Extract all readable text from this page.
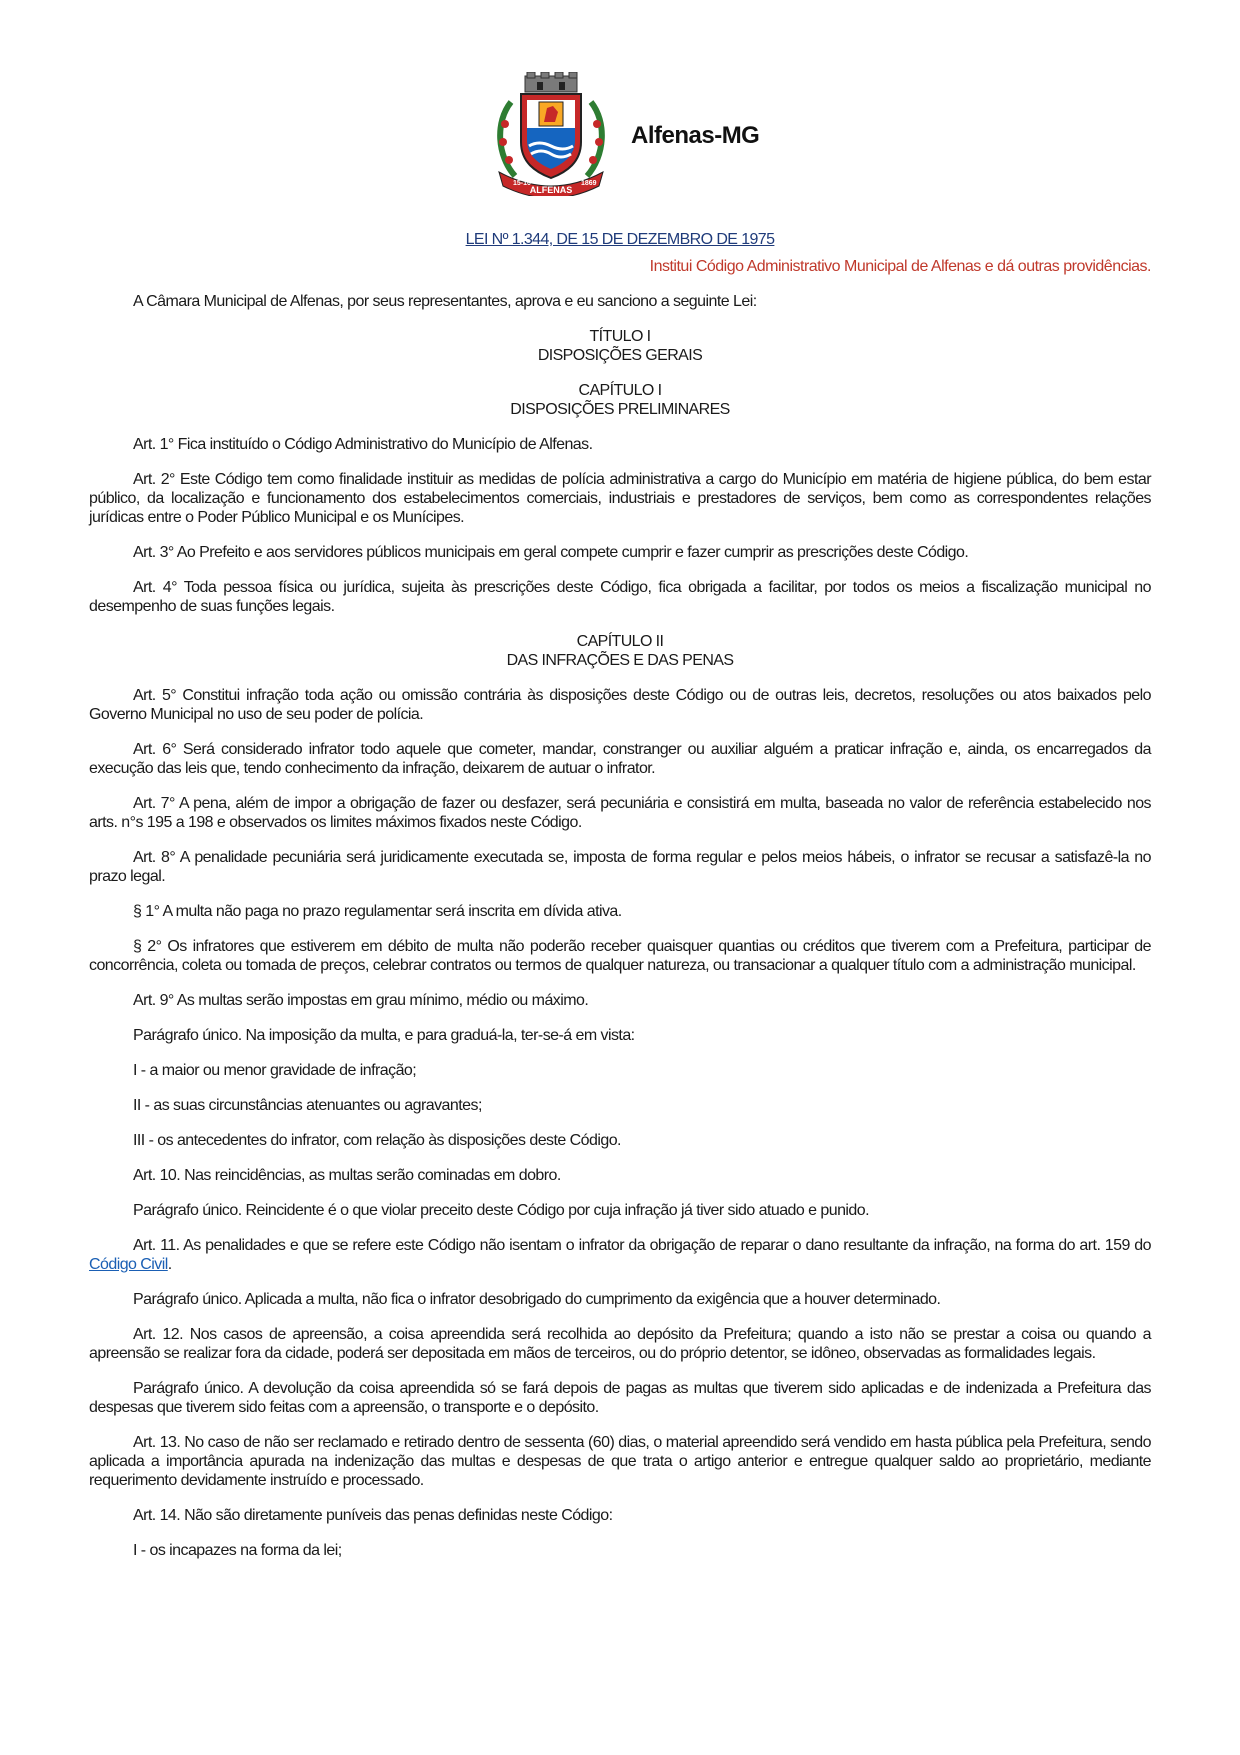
15-10
ALFENAS
1869
Alfenas-MG

LEI Nº 1.344, DE 15 DE DEZEMBRO DE 1975

Institui Código Administrativo Municipal de Alfenas e dá outras providências.

A Câmara Municipal de Alfenas, por seus representantes, aprova e eu sanciono a seguinte Lei:

TÍTULO I
DISPOSIÇÕES GERAIS
CAPÍTULO I
DISPOSIÇÕES PRELIMINARES

Art. 1° Fica instituído o Código Administrativo do Município de Alfenas.

Art. 2° Este Código tem como finalidade instituir as medidas de polícia administrativa a cargo do Município em matéria de higiene pública, do bem estar público, da localização e funcionamento dos estabelecimentos comerciais, industriais e prestadores de serviços, bem como as correspondentes relações jurídicas entre o Poder Público Municipal e os Munícipes.

Art. 3° Ao Prefeito e aos servidores públicos municipais em geral compete cumprir e fazer cumprir as prescrições deste Código.

Art. 4° Toda pessoa física ou jurídica, sujeita às prescrições deste Código, fica obrigada a facilitar, por todos os meios a fiscalização municipal no desempenho de suas funções legais.

CAPÍTULO II
DAS INFRAÇÕES E DAS PENAS

Art. 5° Constitui infração toda ação ou omissão contrária às disposições deste Código ou de outras leis, decretos, resoluções ou atos baixados pelo Governo Municipal no uso de seu poder de polícia.

Art. 6° Será considerado infrator todo aquele que cometer, mandar, constranger ou auxiliar alguém a praticar infração e, ainda, os encarregados da execução das leis que, tendo conhecimento da infração, deixarem de autuar o infrator.

Art. 7° A pena, além de impor a obrigação de fazer ou desfazer, será pecuniária e consistirá em multa, baseada no valor de referência estabelecido nos arts. n°s 195 a 198 e observados os limites máximos fixados neste Código.

Art. 8° A penalidade pecuniária será juridicamente executada se, imposta de forma regular e pelos meios hábeis, o infrator se recusar a satisfazê-la no prazo legal.

§ 1° A multa não paga no prazo regulamentar será inscrita em dívida ativa.

§ 2° Os infratores que estiverem em débito de multa não poderão receber quaisquer quantias ou créditos que tiverem com a Prefeitura, participar de concorrência, coleta ou tomada de preços, celebrar contratos ou termos de qualquer natureza, ou transacionar a qualquer título com a administração municipal.

Art. 9° As multas serão impostas em grau mínimo, médio ou máximo.

Parágrafo único. Na imposição da multa, e para graduá-la, ter-se-á em vista:

I - a maior ou menor gravidade de infração;

II - as suas circunstâncias atenuantes ou agravantes;

III - os antecedentes do infrator, com relação às disposições deste Código.

Art. 10. Nas reincidências, as multas serão cominadas em dobro.

Parágrafo único. Reincidente é o que violar preceito deste Código por cuja infração já tiver sido atuado e punido.

Art. 11. As penalidades e que se refere este Código não isentam o infrator da obrigação de reparar o dano resultante da infração, na forma do art. 159 do Código Civil.

Parágrafo único. Aplicada a multa, não fica o infrator desobrigado do cumprimento da exigência que a houver determinado.

Art. 12. Nos casos de apreensão, a coisa apreendida será recolhida ao depósito da Prefeitura; quando a isto não se prestar a coisa ou quando a apreensão se realizar fora da cidade, poderá ser depositada em mãos de terceiros, ou do próprio detentor, se idôneo, observadas as formalidades legais.

Parágrafo único. A devolução da coisa apreendida só se fará depois de pagas as multas que tiverem sido aplicadas e de indenizada a Prefeitura das despesas que tiverem sido feitas com a apreensão, o transporte e o depósito.

Art. 13. No caso de não ser reclamado e retirado dentro de sessenta (60) dias, o material apreendido será vendido em hasta pública pela Prefeitura, sendo aplicada a importância apurada na indenização das multas e despesas de que trata o artigo anterior e entregue qualquer saldo ao proprietário, mediante requerimento devidamente instruído e processado.

Art. 14. Não são diretamente puníveis das penas definidas neste Código:

I - os incapazes na forma da lei;
